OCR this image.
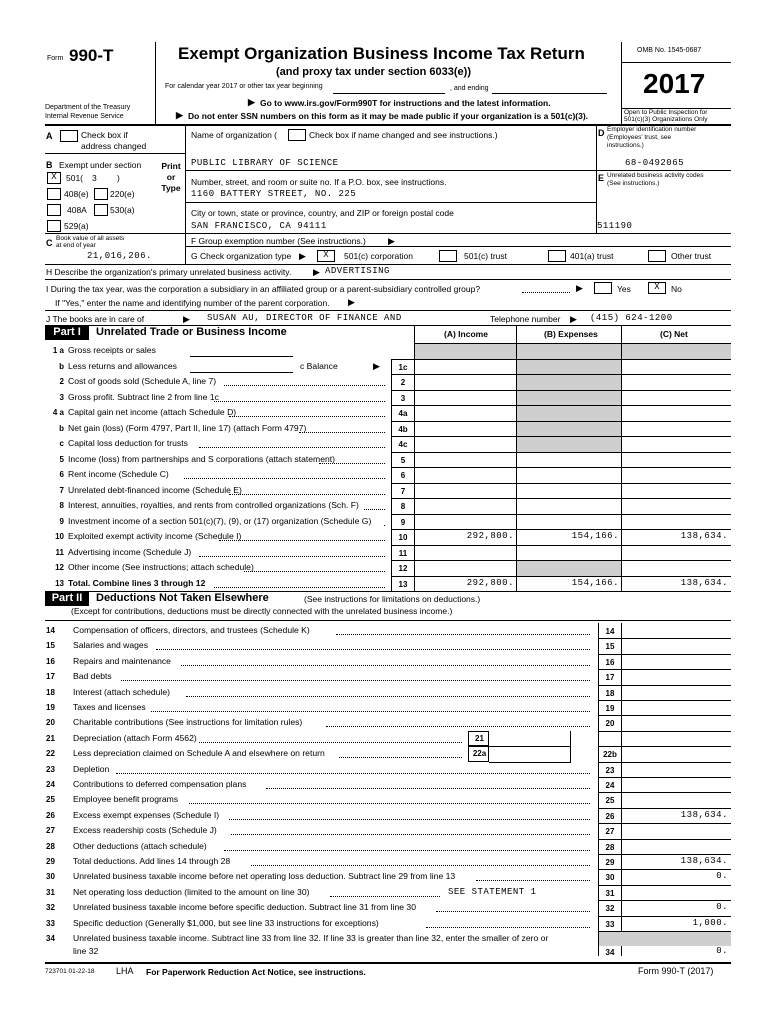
Form 990-T
Department of the Treasury
Internal Revenue Service
Exempt Organization Business Income Tax Return
(and proxy tax under section 6033(e))
For calendar year 2017 or other tax year beginning	, and ending
▶ Go to www.irs.gov/Form990T for instructions and the latest information.
▶ Do not enter SSN numbers on this form as it may be made public if your organization is a 501(c)(3).
OMB No. 1545-0687
2017
Open to Public Inspection for
501(c)(3) Organizations Only
A	Check box if
address changed
B Exempt under section
X	501( 3 )
408(e)	220(e)
408A	530(a)
529(a)
C Book value of all assets
at end of year
21,016,206.
Print
or
Type
Name of organization (	Check box if name changed and see instructions.)
PUBLIC LIBRARY OF SCIENCE
Number, street, and room or suite no. If a P.O. box, see instructions.
1160 BATTERY STREET, NO. 225
City or town, state or province, country, and ZIP or foreign postal code
SAN FRANCISCO, CA 94111
F Group exemption number (See instructions.) ▶
G Check organization type ▶	X	501(c) corporation	501(c) trust	401(a) trust	Other trust
D Employer identification number
(Employees' trust, see
instructions.)
68-0492065
E Unrelated business activity codes
(See instructions.)
511190
H Describe the organization's primary unrelated business activity. ▶ ADVERTISING
I During the tax year, was the corporation a subsidiary in an affiliated group or a parent-subsidiary controlled group?	▶	Yes	X	No
If "Yes," enter the name and identifying number of the parent corporation. ▶
J The books are in care of	▶ SUSAN AU, DIRECTOR OF FINANCE AND	Telephone number ▶ (415) 624-1200
Part I	Unrelated Trade or Business Income	(A) Income	(B) Expenses	(C) Net
1 a Gross receipts or sales
b Less returns and allowances	c Balance	▶	1c
2 Cost of goods sold (Schedule A, line 7)	2
3 Gross profit. Subtract line 2 from line 1c	3
4 a Capital gain net income (attach Schedule D)	4a
b Net gain (loss) (Form 4797, Part II, line 17) (attach Form 4797)	4b
c Capital loss deduction for trusts	4c
5 Income (loss) from partnerships and S corporations (attach statement)	5
6 Rent income (Schedule C)	6
7 Unrelated debt-financed income (Schedule E)	7
8 Interest, annuities, royalties, and rents from controlled organizations (Sch. F)	8
9 Investment income of a section 501(c)(7), (9), or (17) organization (Schedule G)	9
10 Exploited exempt activity income (Schedule I)	10	292,800.	154,166.	138,634.
11 Advertising income (Schedule J)	11
12 Other income (See instructions; attach schedule)	12
13 Total. Combine lines 3 through 12	13	292,800.	154,166.	138,634.
Part II	Deductions Not Taken Elsewhere	(See instructions for limitations on deductions.)
(Except for contributions, deductions must be directly connected with the unrelated business income.)
14 Compensation of officers, directors, and trustees (Schedule K)	14
15 Salaries and wages	15
16 Repairs and maintenance	16
17 Bad debts	17
18 Interest (attach schedule)	18
19 Taxes and licenses	19
20 Charitable contributions (See instructions for limitation rules)	20
21 Depreciation (attach Form 4562)	21
22 Less depreciation claimed on Schedule A and elsewhere on return	22a	22b
23 Depletion	23
24 Contributions to deferred compensation plans	24
25 Employee benefit programs	25
26 Excess exempt expenses (Schedule I)	26	138,634.
27 Excess readership costs (Schedule J)	27
28 Other deductions (attach schedule)	28
29 Total deductions. Add lines 14 through 28	29	138,634.
30 Unrelated business taxable income before net operating loss deduction. Subtract line 29 from line 13	30	0.
31 Net operating loss deduction (limited to the amount on line 30)	SEE STATEMENT 1	31
32 Unrelated business taxable income before specific deduction. Subtract line 31 from line 30	32	0.
33 Specific deduction (Generally $1,000, but see line 33 instructions for exceptions)	33	1,000.
34 Unrelated business taxable income. Subtract line 33 from line 32. If line 33 is greater than line 32, enter the smaller of zero or
line 32	34	0.
723701 01-22-18 LHA For Paperwork Reduction Act Notice, see instructions.	Form 990-T (2017)
